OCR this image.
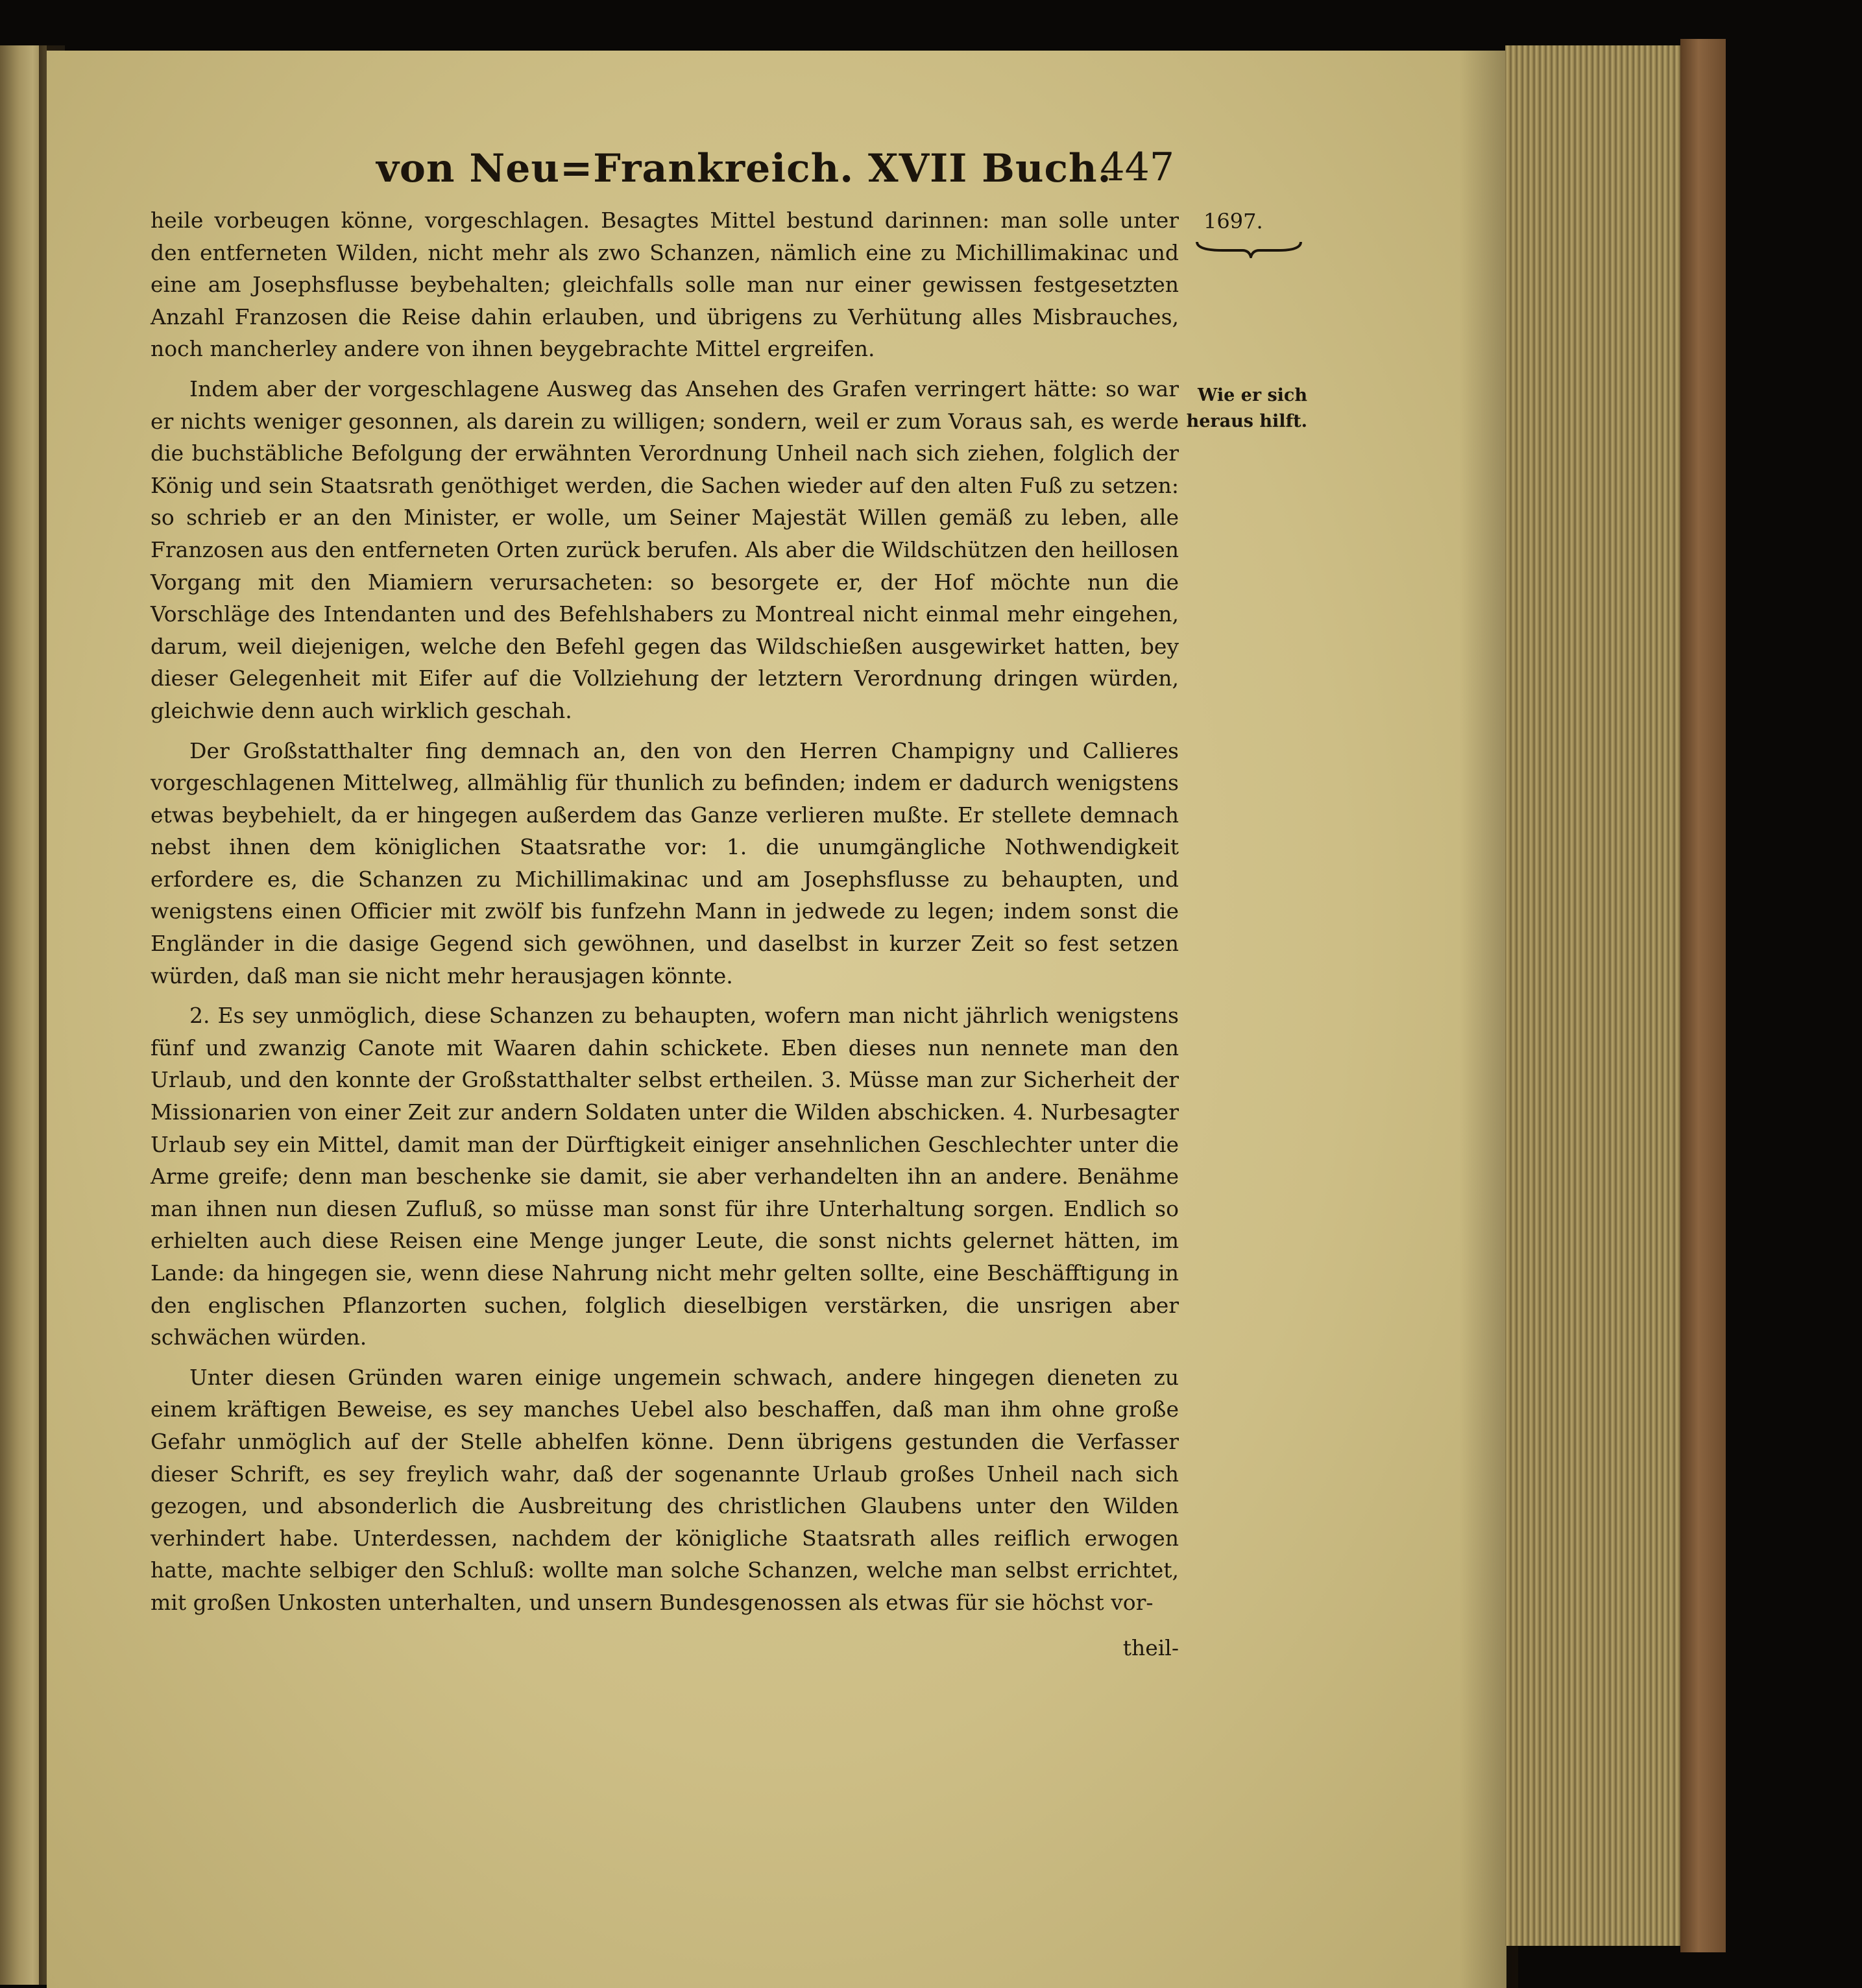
von Neu=Frankreich. XVII Buch.
447
1697.
Wie er sich heraus hilft.

heile vorbeugen könne, vorgeschlagen. Besagtes Mittel bestund darinnen: man solle unter den entferneten Wilden, nicht mehr als zwo Schanzen, nämlich eine zu Michillimakinac und eine am Josephsflusse beybehalten; gleichfalls solle man nur einer gewissen festgesetzten Anzahl Franzosen die Reise dahin erlauben, und übrigens zu Verhütung alles Misbrauches, noch mancherley andere von ihnen beygebrachte Mittel ergreifen.

Indem aber der vorgeschlagene Ausweg das Ansehen des Grafen verringert hätte: so war er nichts weniger gesonnen, als darein zu willigen; sondern, weil er zum Voraus sah, es werde die buchstäbliche Befolgung der erwähnten Verordnung Unheil nach sich ziehen, folglich der König und sein Staatsrath genöthiget werden, die Sachen wieder auf den alten Fuß zu setzen: so schrieb er an den Minister, er wolle, um Seiner Majestät Willen gemäß zu leben, alle Franzosen aus den entferneten Orten zurück berufen. Als aber die Wildschützen den heillosen Vorgang mit den Miamiern verursacheten: so besorgete er, der Hof möchte nun die Vorschläge des Intendanten und des Befehlshabers zu Montreal nicht einmal mehr eingehen, darum, weil diejenigen, welche den Befehl gegen das Wildschießen ausgewirket hatten, bey dieser Gelegenheit mit Eifer auf die Vollziehung der letztern Verordnung dringen würden, gleichwie denn auch wirklich geschah.

Der Großstatthalter fing demnach an, den von den Herren Champigny und Callieres vorgeschlagenen Mittelweg, allmählig für thunlich zu befinden; indem er dadurch wenigstens etwas beybehielt, da er hingegen außerdem das Ganze verlieren mußte. Er stellete demnach nebst ihnen dem königlichen Staatsrathe vor: 1. die unumgängliche Nothwendigkeit erfordere es, die Schanzen zu Michillimakinac und am Josephsflusse zu behaupten, und wenigstens einen Officier mit zwölf bis funfzehn Mann in jedwede zu legen; indem sonst die Engländer in die dasige Gegend sich gewöhnen, und daselbst in kurzer Zeit so fest setzen würden, daß man sie nicht mehr herausjagen könnte.

2. Es sey unmöglich, diese Schanzen zu behaupten, wofern man nicht jährlich wenigstens fünf und zwanzig Canote mit Waaren dahin schickete. Eben dieses nun nennete man den Urlaub, und den konnte der Großstatthalter selbst ertheilen. 3. Müsse man zur Sicherheit der Missionarien von einer Zeit zur andern Soldaten unter die Wilden abschicken. 4. Nurbesagter Urlaub sey ein Mittel, damit man der Dürftigkeit einiger ansehnlichen Geschlechter unter die Arme greife; denn man beschenke sie damit, sie aber verhandelten ihn an andere. Benähme man ihnen nun diesen Zufluß, so müsse man sonst für ihre Unterhaltung sorgen. Endlich so erhielten auch diese Reisen eine Menge junger Leute, die sonst nichts gelernet hätten, im Lande: da hingegen sie, wenn diese Nahrung nicht mehr gelten sollte, eine Beschäfftigung in den englischen Pflanzorten suchen, folglich dieselbigen verstärken, die unsrigen aber schwächen würden.

Unter diesen Gründen waren einige ungemein schwach, andere hingegen dieneten zu einem kräftigen Beweise, es sey manches Uebel also beschaffen, daß man ihm ohne große Gefahr unmöglich auf der Stelle abhelfen könne. Denn übrigens gestunden die Verfasser dieser Schrift, es sey freylich wahr, daß der sogenannte Urlaub großes Unheil nach sich gezogen, und absonderlich die Ausbreitung des christlichen Glaubens unter den Wilden verhindert habe. Unterdessen, nachdem der königliche Staatsrath alles reiflich erwogen hatte, machte selbiger den Schluß: wollte man solche Schanzen, welche man selbst errichtet, mit großen Unkosten unterhalten, und unsern Bundesgenossen als etwas für sie höchst vor-

theil-
